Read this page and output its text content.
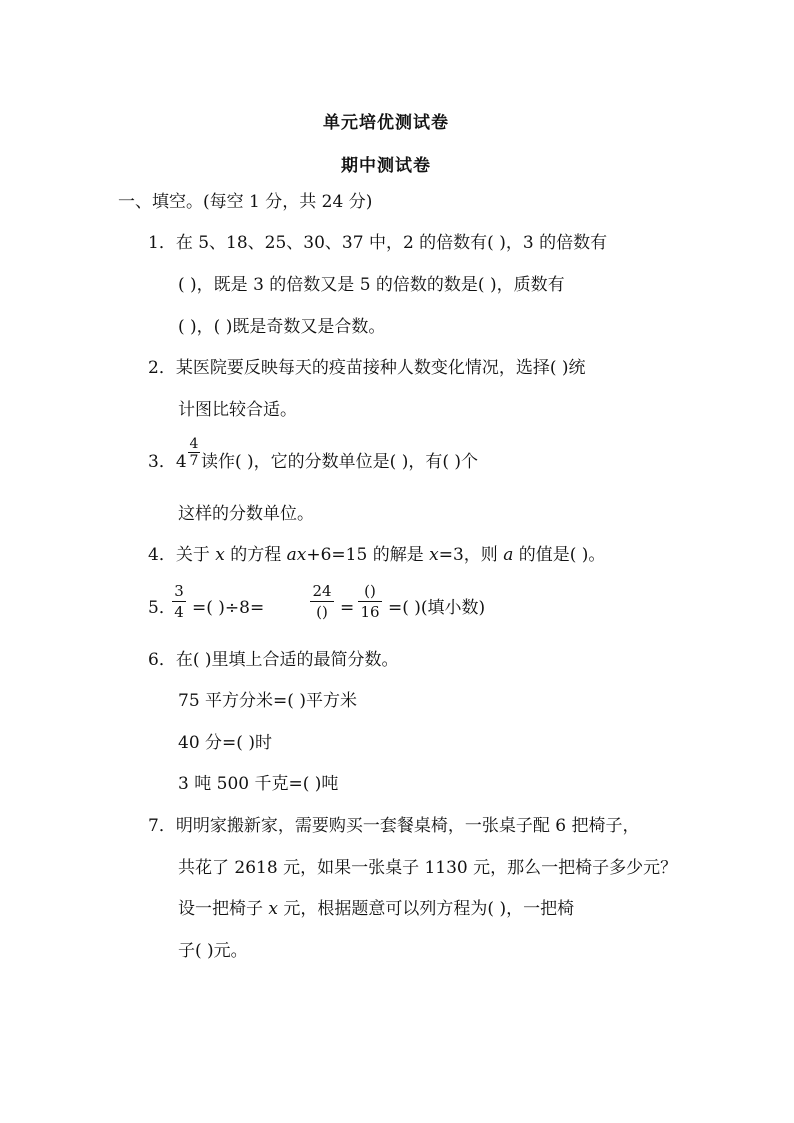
单元培优测试卷
期中测试卷
一、填空。(每空 1 分，共 24 分)
1．在 5、18、25、30、37 中，2 的倍数有( )，3 的倍数有
( )，既是 3 的倍数又是 5 的倍数的数是( )，质数有
( )，( )既是奇数又是合数。
2．某医院要反映每天的疫苗接种人数变化情况，选择( )统
计图比较合适。
3．4
4
7 读作( )，它的分数单位是( )，有( )个
这样的分数单位。
4．关于 x 的方程 ax+6=15 的解是 x=3，则 a 的值是( )。
5．
3
4 =( )÷8=
24
() =
()
16 =( )(填小数)
6．在( )里填上合适的最简分数。
75 平方分米=( )平方米
40 分=( )时
3 吨 500 千克=( )吨
7．明明家搬新家，需要购买一套餐桌椅，一张桌子配 6 把椅子，
共花了 2618 元，如果一张桌子 1130 元，那么一把椅子多少元？
设一把椅子 x 元，根据题意可以列方程为( )，一把椅
子( )元。
